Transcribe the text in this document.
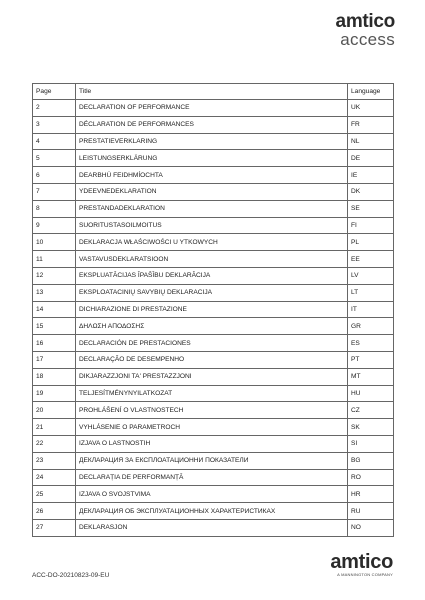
amtico
access
Page	Title	Language
2	DECLARATION OF PERFORMANCE	UK
3	DÉCLARATION DE PERFORMANCES	FR
4	PRESTATIEVERKLARING	NL
5	LEISTUNGSERKLÄRUNG	DE
6	DEARBHÚ FEIDHMÍOCHTA	IE
7	YDEEVNEDEKLARATION	DK
8	PRESTANDADEKLARATION	SE
9	SUORITUSTASOILMOITUS	FI
10	DEKLARACJA WŁAŚCIWOŚCI U YTKOWYCH	PL
11	VASTAVUSDEKLARATSIOON	EE
12	EKSPLUATĀCIJAS ĪPAŠĪBU DEKLARĀCIJA	LV
13	EKSPLOATACINIŲ SAVYBIŲ DEKLARACIJA	LT
14	DICHIARAZIONE DI PRESTAZIONE	IT
15	ΔΗΛΩΣΗ ΑΠΟΔΟΣΗΣ	GR
16	DECLARACIÓN DE PRESTACIONES	ES
17	DECLARAÇÃO DE DESEMPENHO	PT
18	DIKJARAZZJONI TA' PRESTAZZJONI	MT
19	TELJESÍTMÉNYNYILATKOZAT	HU
20	PROHLÁŠENÍ O VLASTNOSTECH	CZ
21	VYHLÁSENIE O PARAMETROCH	SK
22	IZJAVA O LASTNOSTIH	SI
23	ДЕКЛАРАЦИЯ ЗА ЕКСПЛОАТАЦИОННИ ПОКАЗАТЕЛИ	BG
24	DECLARAȚIA DE PERFORMANȚĂ	RO
25	IZJAVA O SVOJSTVIMA	HR
26	ДЕКЛАРАЦИЯ ОБ ЭКСПЛУАТАЦИОННЫХ ХАРАКТЕРИСТИКАХ	RU
27	DEKLARASJON	NO
ACC-DO-20210823-09-EU
amtico
A MANNINGTON COMPANY
